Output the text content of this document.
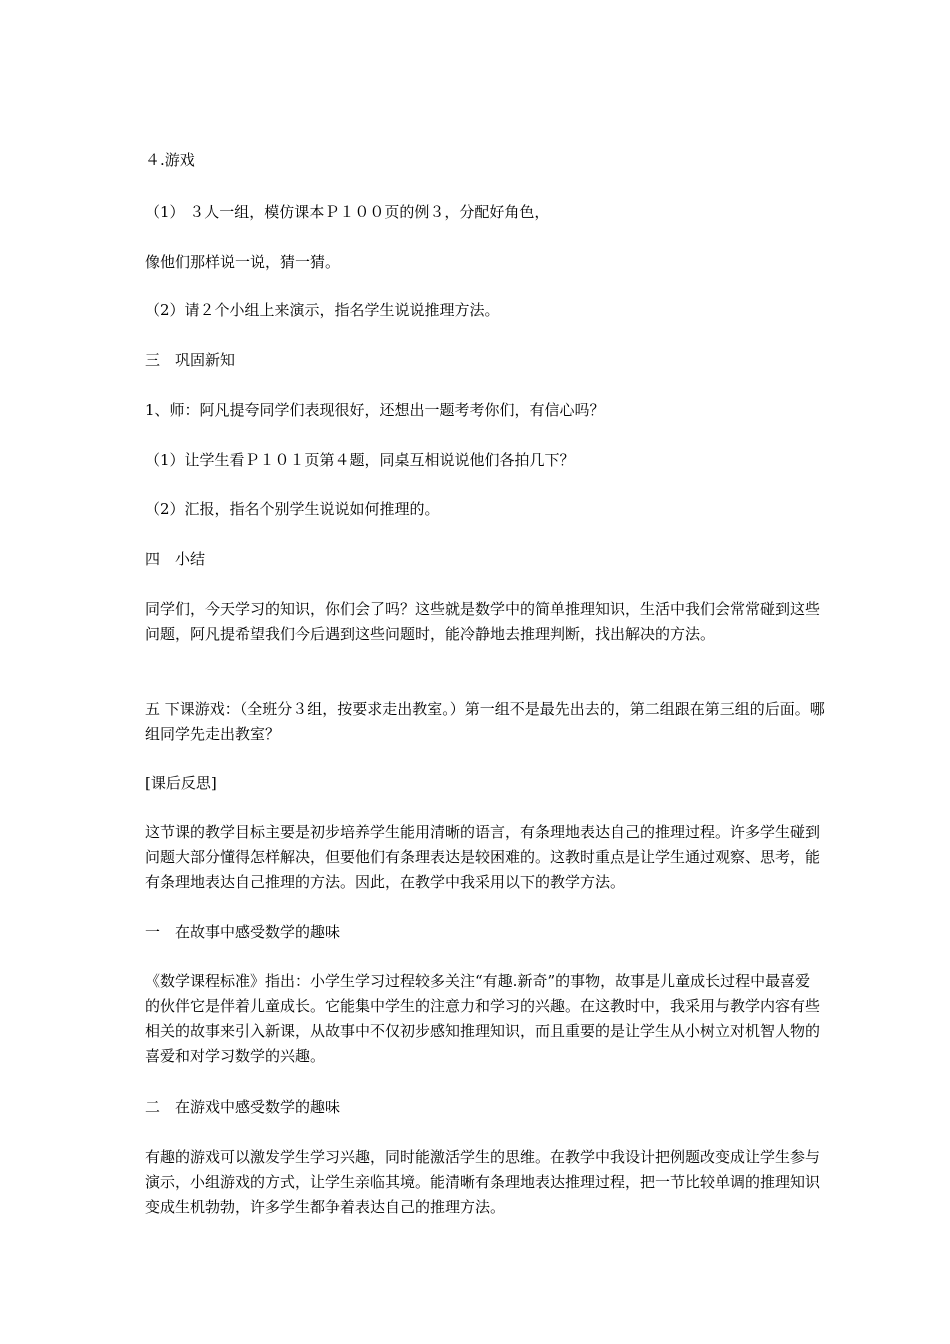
４.游戏

（1） ３人一组，模仿课本Ｐ１００页的例３，分配好角色，

像他们那样说一说，猜一猜。

（2）请２个小组上来演示，指名学生说说推理方法。

三　巩固新知

1、师：阿凡提夸同学们表现很好，还想出一题考考你们，有信心吗？

（1）让学生看Ｐ１０１页第４题，同桌互相说说他们各拍几下？

（2）汇报，指名个别学生说说如何推理的。

四　小结

同学们，今天学习的知识，你们会了吗？这些就是数学中的简单推理知识，生活中我们会常常碰到这些问题，阿凡提希望我们今后遇到这些问题时，能冷静地去推理判断，找出解决的方法。

五 下课游戏：（全班分３组，按要求走出教室。）第一组不是最先出去的，第二组跟在第三组的后面。哪组同学先走出教室？

[课后反思]

这节课的教学目标主要是初步培养学生能用清晰的语言，有条理地表达自己的推理过程。许多学生碰到问题大部分懂得怎样解决，但要他们有条理表达是较困难的。这教时重点是让学生通过观察、思考，能有条理地表达自己推理的方法。因此，在教学中我采用以下的教学方法。

一　在故事中感受数学的趣味

《数学课程标准》指出：小学生学习过程较多关注“有趣.新奇”的事物，故事是儿童成长过程中最喜爱的伙伴它是伴着儿童成长。它能集中学生的注意力和学习的兴趣。在这教时中，我采用与教学内容有些相关的故事来引入新课，从故事中不仅初步感知推理知识，而且重要的是让学生从小树立对机智人物的喜爱和对学习数学的兴趣。

二　在游戏中感受数学的趣味

有趣的游戏可以激发学生学习兴趣，同时能激活学生的思维。在教学中我设计把例题改变成让学生参与演示，小组游戏的方式，让学生亲临其境。能清晰有条理地表达推理过程，把一节比较单调的推理知识变成生机勃勃，许多学生都争着表达自己的推理方法。
